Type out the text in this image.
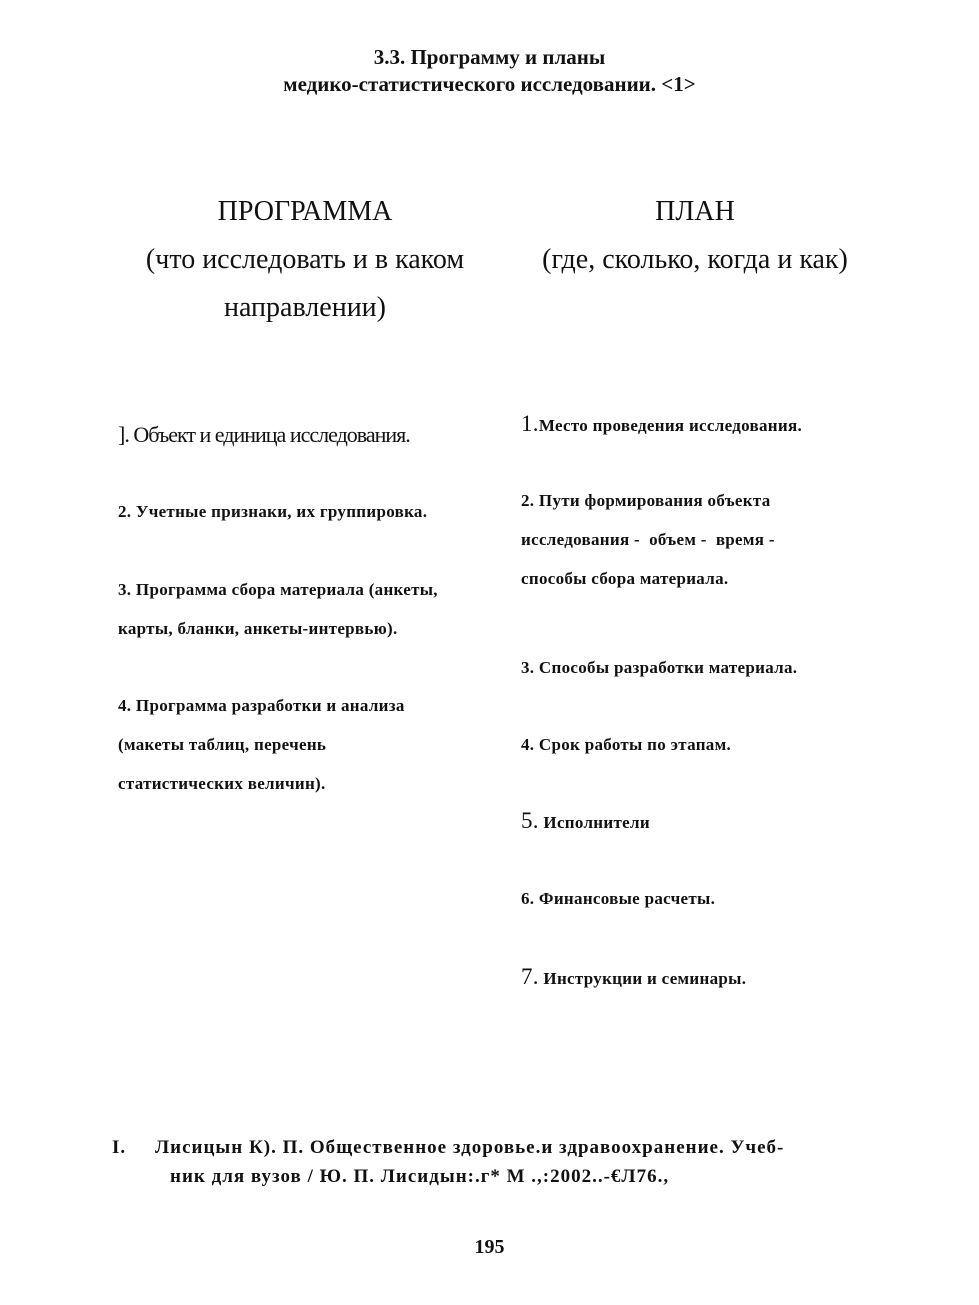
3.3. Программу и планы
медико-статистического исследовании. <1>
ПРОГРАММА
(что исследовать и в каком
направлении)
ПЛАН
(где, сколько, когда и как)
]. Объект и единица исследования.
2. Учетные признаки, их группировка.
3. Программа сбора материала (анкеты,
карты, бланки, анкеты-интервью).
4. Программа разработки и анализа
(макеты таблиц, перечень
статистических величин).
1.Место проведения исследования.
2. Пути формирования объекта
исследования -  объем -  время -
способы сбора материала.
3. Способы разработки материала.
4. Срок работы по этапам.
5. Исполнители
6. Финансовые расчеты.
7. Инструкции и семинары.
I. Лисицын К). П. Общественное здоровье.и здравоохранение. Учеб-
ник для вузов / Ю. П. Лисидын:.г* М .,:2002..-€Л76.,
195
